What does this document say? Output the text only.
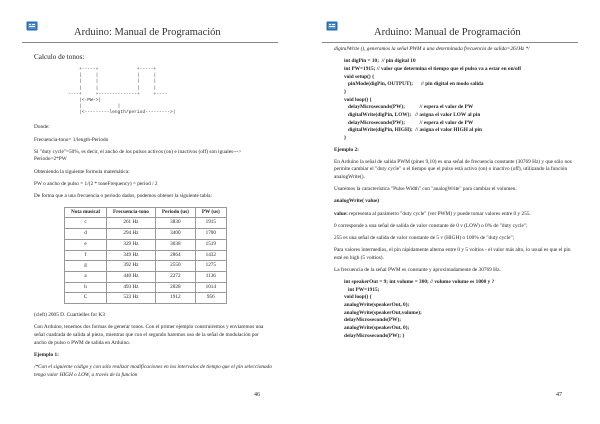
Arduino: Manual de Programación

Calculo de tonos:

+-----+              +-----+
|     |              |     |
|     |              |     |
|     |              |     |
----+     +--------------+     +----
|<-PW->|
|             |
|<---------length/period--------->|

Donde:

Frecuencia-tono= 1/length-Periodo

Si "duty cycle"=50%, es decir, el ancho de los pulsos activos (on) e inactivos (off) son iguales---> Periodo=2*PW

Obteniendo la siguiente formula matemática:

PW o ancho de pulso = 1/(2 * toneFrequency) = period / 2

De forma que a una frecuencia o periodo dados, podemos obtener la siguiente tabla:

Nota musical	Frecuencia-tono	Periodo (us)	PW (us)
c	261 Hz	3830	1915
d	294 Hz	3400	1700
e	329 Hz	3038	1519
f	349 Hz	2864	1432
g	392 Hz	2550	1275
a	440 Hz	2272	1136
b	493 Hz	2028	1014
C	523 Hz	1912	956

(cleft) 2005 D. Cuartielles for K3

Con Arduino, tenemos dos formas de generar tonos. Con el primer ejemplo construiremos y enviaremos una señal cuadrada de salida al piezo, mientras que con el segundo haremos uso de la señal de modulación por ancho de pulso o PWM de salida en Arduino.

Ejemplo 1:

/*Con el siguiente código y con sólo realizar modificaciones en los intervalos de tiempo que el pin seleccionado tenga valor HIGH o LOW, a través de la función

46
Arduino: Manual de Programación

digitalWrite (), generamos la señal PWM a una determinada frecuencia de salida=261Hz */

int digPin = 10;  // pin digital 10
int PW=1915; // valor que determina el tiempo que el pulso va a estar en on/off
void setup() {
pinMode(digPin, OUTPUT);      // pin digital en modo salida
}
void loop() {
delayMicroseconds(PW);           // espera el valor de PW
digitalWrite(digPin, LOW);   // asigna el valor LOW al pin
delayMicroseconds(PW);           // espera el valor de PW
digitalWrite(digPin, HIGH);  // asigna el valor HIGH al pin
}

Ejemplo 2:

En Arduino la señal de salida PWM (pines 9,10) es una señal de frecuencia constante (30769 Hz) y que sólo nos permite cambiar el "duty cycle" o el tiempo que el pulso está activo (on) o inactivo (off), utilizando la función analogWrite().

Usaremos la característica "Pulse Width" con "analogWrite" para cambiar el volumen.

analogWrite( value)

value: representa al parámetro "duty cycle" (ver PWM) y puede tomar valores entre 0 y 255.

0 corresponde a una señal de salida de valor constante de 0 v (LOW) o 0% de "duty cycle";

255 es una señal de salida de valor constante de 5 v (HIGH) o 100% de "duty cycle";

Para valores intermedios, el pin rápidamente alterna entre 0 y 5 voltios - el valor más alto, lo usual es que el pin esté en high (5 voltios).

La frecuencia de la señal PWM es constante y aproximadamente de 30769 Hz.

int speakerOut = 9; int volume = 300; // volume volume es 1000 y ?
int PW=1915;
void loop() {
analogWrite(speakerOut, 0);
analogWrite(speakerOut,volume);
delayMicroseconds(PW);
analogWrite(speakerOut, 0);
delayMicroseconds(PW); }
47
